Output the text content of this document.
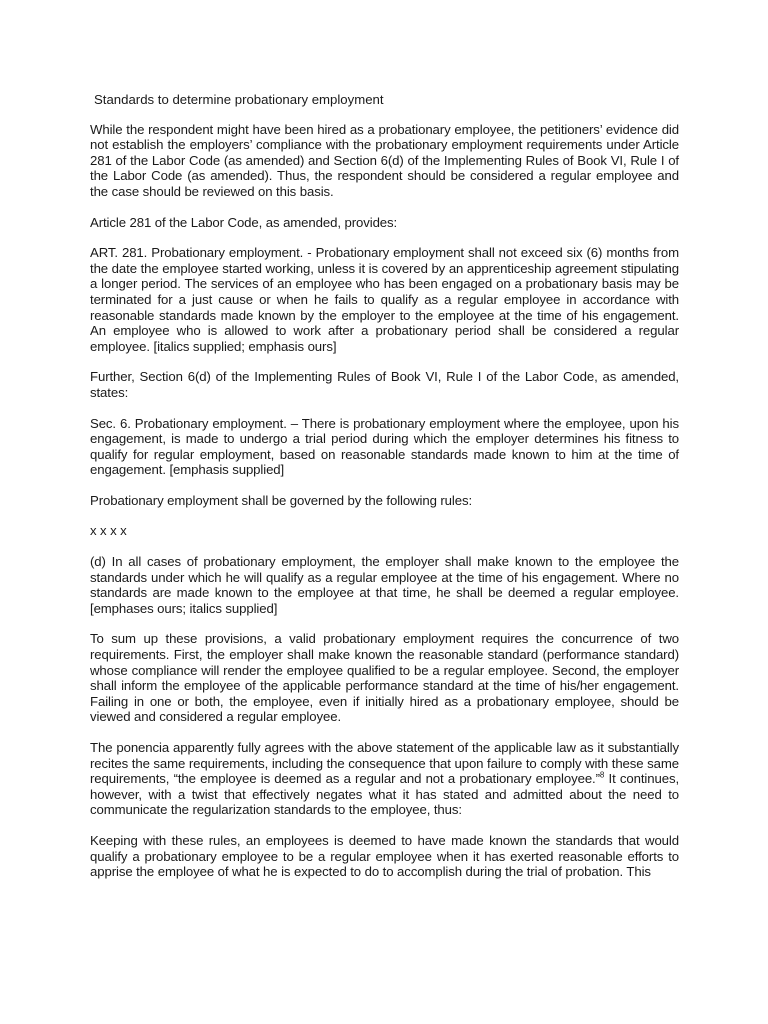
Standards to determine probationary employment

While the respondent might have been hired as a probationary employee, the petitioners’ evidence did not establish the employers’ compliance with the probationary employment requirements under Article 281 of the Labor Code (as amended) and Section 6(d) of the Implementing Rules of Book VI, Rule I of the Labor Code (as amended). Thus, the respondent should be considered a regular employee and the case should be reviewed on this basis.

Article 281 of the Labor Code, as amended, provides:

ART. 281. Probationary employment. - Probationary employment shall not exceed six (6) months from the date the employee started working, unless it is covered by an apprenticeship agreement stipulating a longer period. The services of an employee who has been engaged on a probationary basis may be terminated for a just cause or when he fails to qualify as a regular employee in accordance with reasonable standards made known by the employer to the employee at the time of his engagement. An employee who is allowed to work after a probationary period shall be considered a regular employee. [italics supplied; emphasis ours]

Further, Section 6(d) of the Implementing Rules of Book VI, Rule I of the Labor Code, as amended, states:

Sec. 6. Probationary employment. – There is probationary employment where the employee, upon his engagement, is made to undergo a trial period during which the employer determines his fitness to qualify for regular employment, based on reasonable standards made known to him at the time of engagement. [emphasis supplied]

Probationary employment shall be governed by the following rules:

x x x x

(d) In all cases of probationary employment, the employer shall make known to the employee the standards under which he will qualify as a regular employee at the time of his engagement. Where no standards are made known to the employee at that time, he shall be deemed a regular employee. [emphases ours; italics supplied]

To sum up these provisions, a valid probationary employment requires the concurrence of two requirements. First, the employer shall make known the reasonable standard (performance standard) whose compliance will render the employee qualified to be a regular employee. Second, the employer shall inform the employee of the applicable performance standard at the time of his/her engagement. Failing in one or both, the employee, even if initially hired as a probationary employee, should be viewed and considered a regular employee.

The ponencia apparently fully agrees with the above statement of the applicable law as it substantially recites the same requirements, including the consequence that upon failure to comply with these same requirements, “the employee is deemed as a regular and not a probationary employee.”$^8$ It continues, however, with a twist that effectively negates what it has stated and admitted about the need to communicate the regularization standards to the employee, thus:

Keeping with these rules, an employees is deemed to have made known the standards that would qualify a probationary employee to be a regular employee when it has exerted reasonable efforts to apprise the employee of what he is expected to do to accomplish during the trial of probation. This
